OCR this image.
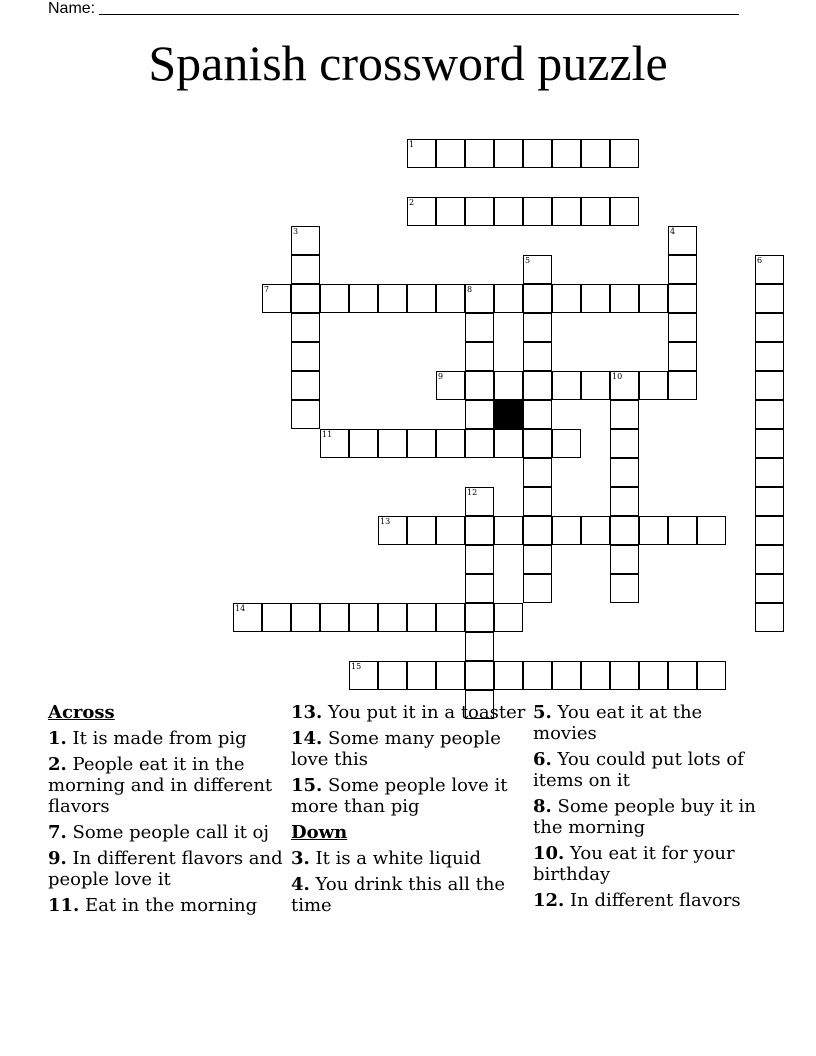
Name:
Spanish crossword puzzle
1
2
3	4
5	6
7	8
9	10
11
12
13
14
15
Across
1. It is made from pig
2. People eat it in the morning and in different flavors
7. Some people call it oj
9. In different flavors and people love it
11. Eat in the morning
13. You put it in a toaster
14. Some many people love this
15. Some people love it more than pig
Down
3. It is a white liquid
4. You drink this all the time
5. You eat it at the movies
6. You could put lots of items on it
8. Some people buy it in the morning
10. You eat it for your birthday
12. In different flavors
